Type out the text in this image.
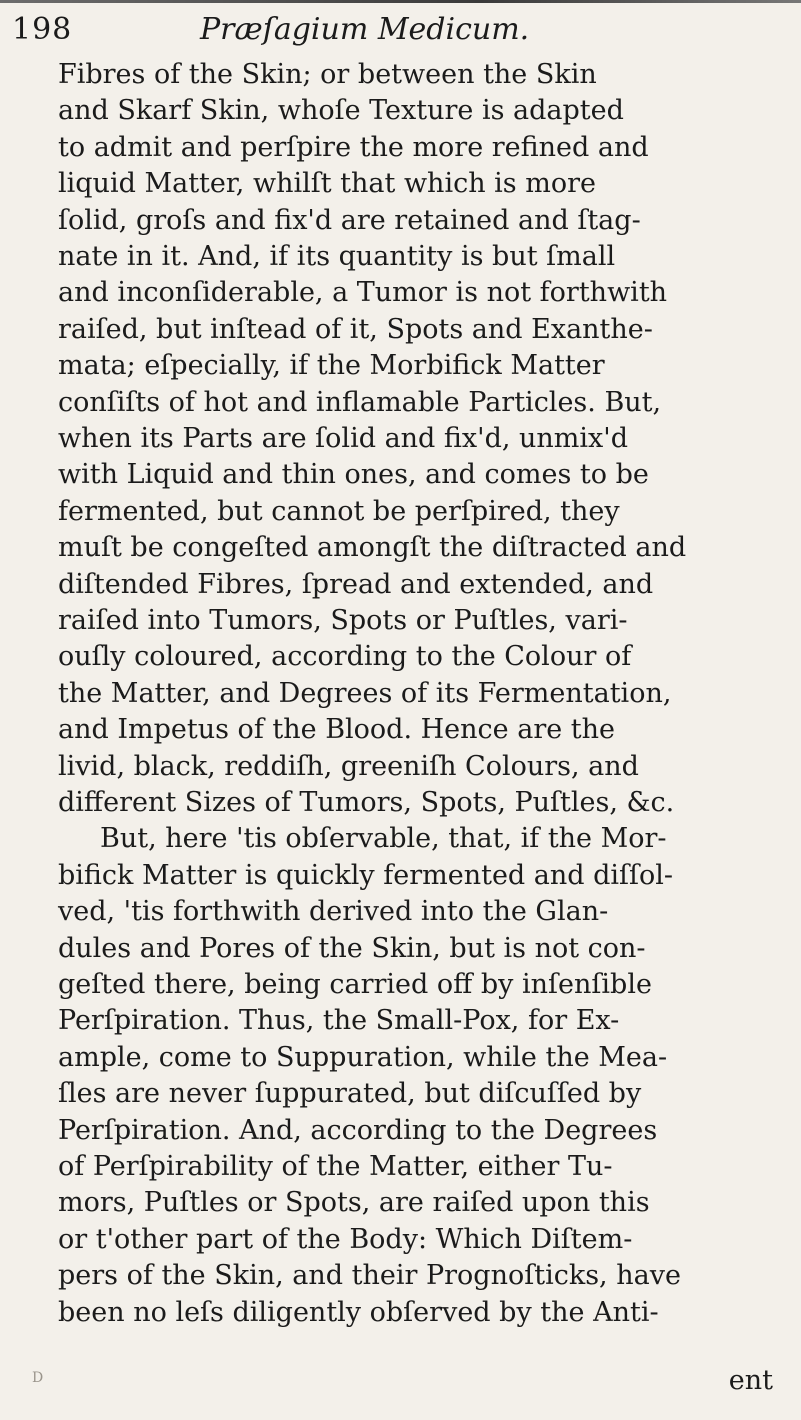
198	Præſagium Medicum.
Fibres of the Skin; or between the Skin
and Skarf Skin, whoſe Texture is adapted
to admit and perſpire the more refined and
liquid Matter, whilſt that which is more
ſolid, groſs and fix'd are retained and ſtag-
nate in it. And, if its quantity is but ſmall
and inconſiderable, a Tumor is not forthwith
raiſed, but inſtead of it, Spots and Exanthe-
mata; eſpecially, if the Morbifick Matter
conſiſts of hot and inflamable Particles. But,
when its Parts are ſolid and fix'd, unmix'd
with Liquid and thin ones, and comes to be
fermented, but cannot be perſpired, they
muſt be congeſted amongſt the diſtracted and
diſtended Fibres, ſpread and extended, and
raiſed into Tumors, Spots or Puſtles, vari-
ouſly coloured, according to the Colour of
the Matter, and Degrees of its Fermentation,
and Impetus of the Blood. Hence are the
livid, black, reddiſh, greeniſh Colours, and
different Sizes of Tumors, Spots, Puſtles, &c.
But, here 'tis obſervable, that, if the Mor-
bifick Matter is quickly fermented and diſſol-
ved, 'tis forthwith derived into the Glan-
dules and Pores of the Skin, but is not con-
geſted there, being carried off by inſenſible
Perſpiration. Thus, the Small-Pox, for Ex-
ample, come to Suppuration, while the Mea-
ſles are never ſuppurated, but diſcuſſed by
Perſpiration. And, according to the Degrees
of Perſpirability of the Matter, either Tu-
mors, Puſtles or Spots, are raiſed upon this
or t'other part of the Body: Which Diſtem-
pers of the Skin, and their Prognoſticks, have
been no leſs diligently obſerved by the Anti-
D	ent
